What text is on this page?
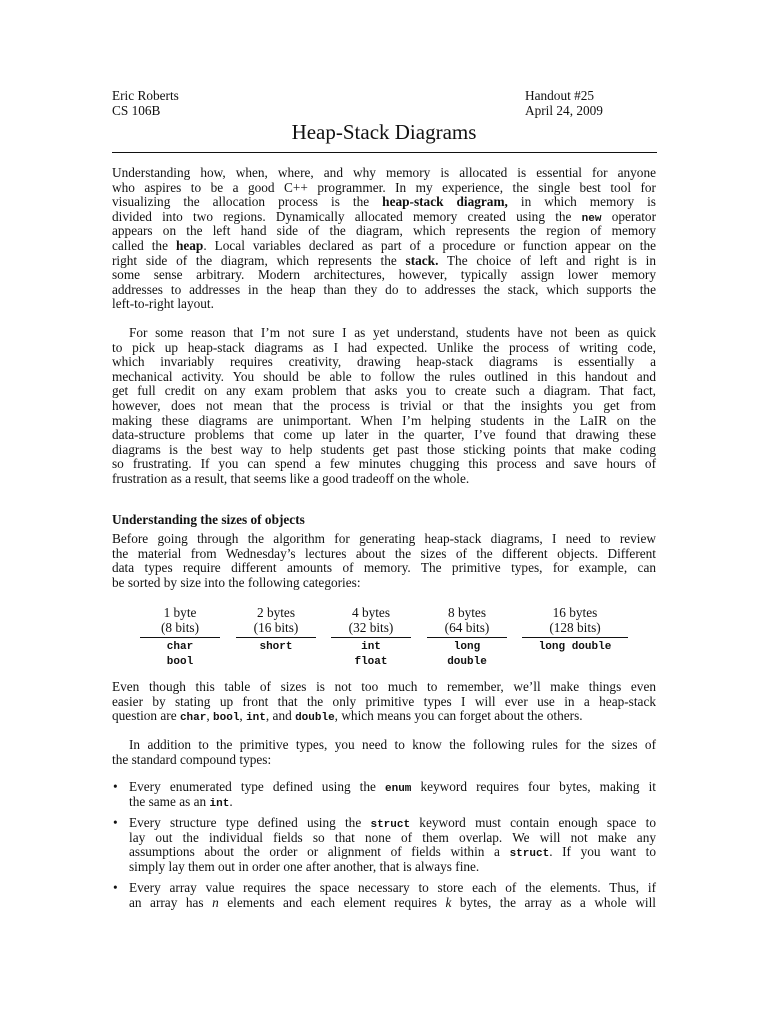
Eric Roberts
CS 106B
Handout #25
April 24, 2009
Heap-Stack Diagrams
Understanding how, when, where, and why memory is allocated is essential for anyone
who aspires to be a good C++ programmer. In my experience, the single best tool for
visualizing the allocation process is the heap-stack diagram, in which memory is
divided into two regions. Dynamically allocated memory created using the new operator
appears on the left hand side of the diagram, which represents the region of memory
called the heap. Local variables declared as part of a procedure or function appear on the
right side of the diagram, which represents the stack. The choice of left and right is in
some sense arbitrary. Modern architectures, however, typically assign lower memory
addresses to addresses in the heap than they do to addresses the stack, which supports the
left-to-right layout.
For some reason that I’m not sure I as yet understand, students have not been as quick
to pick up heap-stack diagrams as I had expected. Unlike the process of writing code,
which invariably requires creativity, drawing heap-stack diagrams is essentially a
mechanical activity. You should be able to follow the rules outlined in this handout and
get full credit on any exam problem that asks you to create such a diagram. That fact,
however, does not mean that the process is trivial or that the insights you get from
making these diagrams are unimportant. When I’m helping students in the LaIR on the
data-structure problems that come up later in the quarter, I’ve found that drawing these
diagrams is the best way to help students get past those sticking points that make coding
so frustrating. If you can spend a few minutes chugging this process and save hours of
frustration as a result, that seems like a good tradeoff on the whole.
Understanding the sizes of objects
Before going through the algorithm for generating heap-stack diagrams, I need to review
the material from Wednesday’s lectures about the sizes of the different objects. Different
data types require different amounts of memory. The primitive types, for example, can
be sorted by size into the following categories:
1 byte
(8 bits)
2 bytes
(16 bits)
4 bytes
(32 bits)
8 bytes
(64 bits)
16 bytes
(128 bits)
char
bool
short	int
float
long
double
long double
Even though this table of sizes is not too much to remember, we’ll make things even
easier by stating up front that the only primitive types I will ever use in a heap-stack
question are char, bool, int, and double, which means you can forget about the others.
In addition to the primitive types, you need to know the following rules for the sizes of
the standard compound types:
• Every enumerated type defined using the enum keyword requires four bytes, making it
the same as an int.
• Every structure type defined using the struct keyword must contain enough space to
lay out the individual fields so that none of them overlap. We will not make any
assumptions about the order or alignment of fields within a struct. If you want to
simply lay them out in order one after another, that is always fine.
• Every array value requires the space necessary to store each of the elements. Thus, if
an array has n elements and each element requires k bytes, the array as a whole will
